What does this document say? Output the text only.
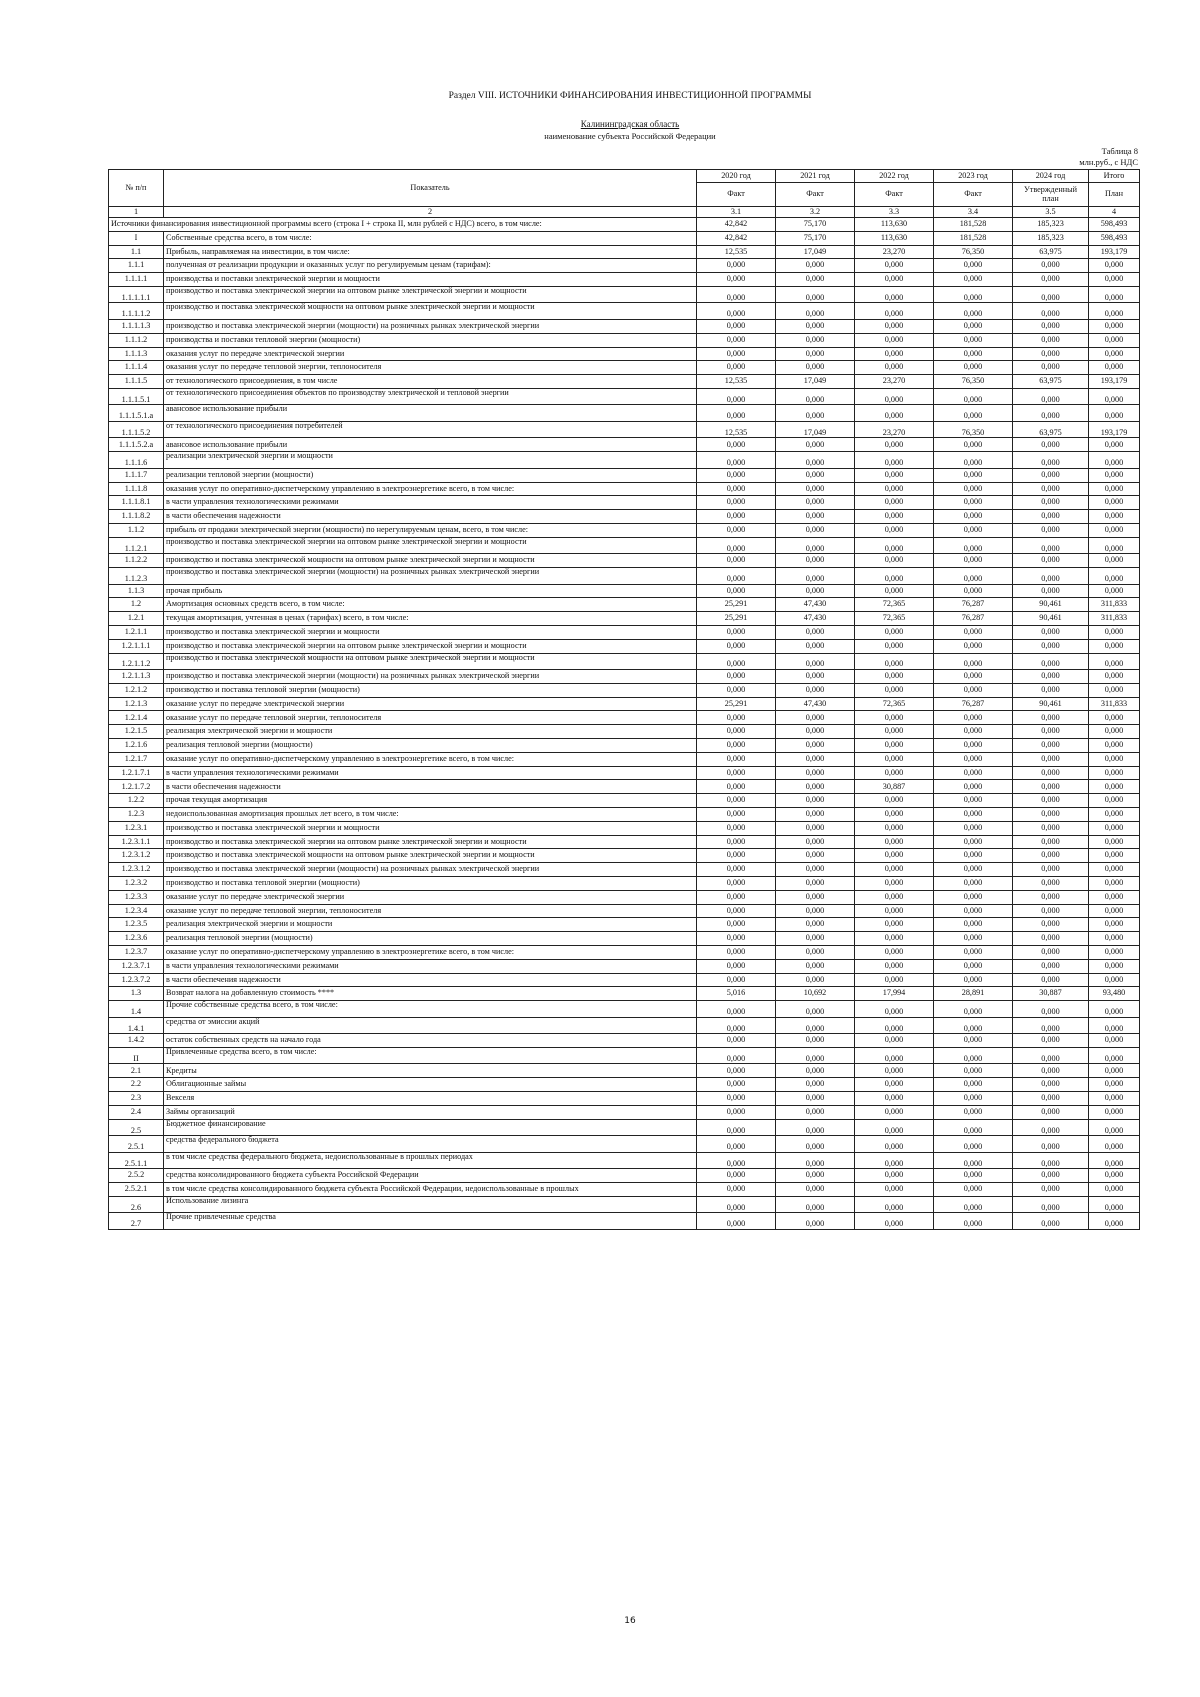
Раздел VIII. ИСТОЧНИКИ ФИНАНСИРОВАНИЯ ИНВЕСТИЦИОННОЙ ПРОГРАММЫ
Калининградская область
наименование субъекта Российской Федерации
Таблица 8
млн.руб., с НДС
№ п/п	Показатель	2020 год	2021 год	2022 год	2023 год	2024 год	Итого
		Факт	Факт	Факт	Факт	Утвержденный план	План
1	2	3.1	3.2	3.3	3.4	3.5	4
Источники финансирования инвестиционной программы всего (строка I + строка II, млн рублей с НДС) всего, в том числе:		42,842	75,170	113,630	181,528	185,323	598,493
I	Собственные средства всего, в том числе:	42,842	75,170	113,630	181,528	185,323	598,493
1.1	Прибыль, направляемая на инвестиции, в том числе:	12,535	17,049	23,270	76,350	63,975	193,179
1.1.1	полученная от реализации продукции и оказанных услуг по регулируемым ценам (тарифам):	0,000	0,000	0,000	0,000	0,000	0,000
1.1.1.1	производства и поставки электрической энергии и мощности	0,000	0,000	0,000	0,000	0,000	0,000
1.1.1.1.1	производство и поставка электрической энергии на оптовом рынке электрической энергии и мощности	0,000	0,000	0,000	0,000	0,000	0,000
1.1.1.1.2	производство и поставка электрической мощности на оптовом рынке электрической энергии и мощности	0,000	0,000	0,000	0,000	0,000	0,000
1.1.1.1.3	производство и поставка электрической энергии (мощности) на розничных рынках электрической энергии	0,000	0,000	0,000	0,000	0,000	0,000
1.1.1.2	производства и поставки тепловой энергии (мощности)	0,000	0,000	0,000	0,000	0,000	0,000
1.1.1.3	оказания услуг по передаче электрической энергии	0,000	0,000	0,000	0,000	0,000	0,000
1.1.1.4	оказания услуг по передаче тепловой энергии, теплоносителя	0,000	0,000	0,000	0,000	0,000	0,000
1.1.1.5	от технологического присоединения, в том числе	12,535	17,049	23,270	76,350	63,975	193,179
1.1.1.5.1	от технологического присоединения объектов по производству электрической и тепловой энергии	0,000	0,000	0,000	0,000	0,000	0,000
1.1.1.5.1.a	авансовое использование прибыли	0,000	0,000	0,000	0,000	0,000	0,000
1.1.1.5.2	от технологического присоединения потребителей	12,535	17,049	23,270	76,350	63,975	193,179
1.1.1.5.2.a	авансовое использование прибыли	0,000	0,000	0,000	0,000	0,000	0,000
1.1.1.6	реализации электрической энергии и мощности	0,000	0,000	0,000	0,000	0,000	0,000
1.1.1.7	реализации тепловой энергии (мощности)	0,000	0,000	0,000	0,000	0,000	0,000
1.1.1.8	оказания услуг по оперативно-диспетчерскому управлению в электроэнергетике всего, в том числе:	0,000	0,000	0,000	0,000	0,000	0,000
1.1.1.8.1	в части управления технологическими режимами	0,000	0,000	0,000	0,000	0,000	0,000
1.1.1.8.2	в части обеспечения надежности	0,000	0,000	0,000	0,000	0,000	0,000
1.1.2	прибыль от продажи электрической энергии (мощности) по нерегулируемым ценам, всего, в том числе:	0,000	0,000	0,000	0,000	0,000	0,000
1.1.2.1	производство и поставка электрической энергии на оптовом рынке электрической энергии и мощности	0,000	0,000	0,000	0,000	0,000	0,000
1.1.2.2	производство и поставка электрической мощности на оптовом рынке электрической энергии и мощности	0,000	0,000	0,000	0,000	0,000	0,000
1.1.2.3	производство и поставка электрической энергии (мощности) на розничных рынках электрической энергии	0,000	0,000	0,000	0,000	0,000	0,000
1.1.3	прочая прибыль	0,000	0,000	0,000	0,000	0,000	0,000
1.2	Амортизация основных средств всего, в том числе:	25,291	47,430	72,365	76,287	90,461	311,833
1.2.1	текущая амортизация, учтенная в ценах (тарифах) всего, в том числе:	25,291	47,430	72,365	76,287	90,461	311,833
1.2.1.1	производство и поставка электрической энергии и мощности	0,000	0,000	0,000	0,000	0,000	0,000
1.2.1.1.1	производство и поставка электрической энергии на оптовом рынке электрической энергии и мощности	0,000	0,000	0,000	0,000	0,000	0,000
1.2.1.1.2	производство и поставка электрической мощности на оптовом рынке электрической энергии и мощности	0,000	0,000	0,000	0,000	0,000	0,000
1.2.1.1.3	производство и поставка электрической энергии (мощности) на розничных рынках электрической энергии	0,000	0,000	0,000	0,000	0,000	0,000
1.2.1.2	производство и поставка тепловой энергии (мощности)	0,000	0,000	0,000	0,000	0,000	0,000
1.2.1.3	оказание услуг по передаче электрической энергии	25,291	47,430	72,365	76,287	90,461	311,833
1.2.1.4	оказание услуг по передаче тепловой энергии, теплоносителя	0,000	0,000	0,000	0,000	0,000	0,000
1.2.1.5	реализация электрической энергии и мощности	0,000	0,000	0,000	0,000	0,000	0,000
1.2.1.6	реализация тепловой энергии (мощности)	0,000	0,000	0,000	0,000	0,000	0,000
1.2.1.7	оказание услуг по оперативно-диспетчерскому управлению в электроэнергетике всего, в том числе:	0,000	0,000	0,000	0,000	0,000	0,000
1.2.1.7.1	в части управления технологическими режимами	0,000	0,000	0,000	0,000	0,000	0,000
1.2.1.7.2	в части обеспечения надежности	0,000	0,000	30,887	0,000	0,000	0,000
1.2.2	прочая текущая амортизация	0,000	0,000	0,000	0,000	0,000	0,000
1.2.3	недоиспользованная амортизация прошлых лет всего, в том числе:	0,000	0,000	0,000	0,000	0,000	0,000
1.2.3.1	производство и поставка электрической энергии и мощности	0,000	0,000	0,000	0,000	0,000	0,000
1.2.3.1.1	производство и поставка электрической энергии на оптовом рынке электрической энергии и мощности	0,000	0,000	0,000	0,000	0,000	0,000
1.2.3.1.2	производство и поставка электрической мощности на оптовом рынке электрической энергии и мощности	0,000	0,000	0,000	0,000	0,000	0,000
1.2.3.1.2	производство и поставка электрической энергии (мощности) на розничных рынках электрической энергии	0,000	0,000	0,000	0,000	0,000	0,000
1.2.3.2	производство и поставка тепловой энергии (мощности)	0,000	0,000	0,000	0,000	0,000	0,000
1.2.3.3	оказание услуг по передаче электрической энергии	0,000	0,000	0,000	0,000	0,000	0,000
1.2.3.4	оказание услуг по передаче тепловой энергии, теплоносителя	0,000	0,000	0,000	0,000	0,000	0,000
1.2.3.5	реализация электрической энергии и мощности	0,000	0,000	0,000	0,000	0,000	0,000
1.2.3.6	реализация тепловой энергии (мощности)	0,000	0,000	0,000	0,000	0,000	0,000
1.2.3.7	оказание услуг по оперативно-диспетчерскому управлению в электроэнергетике всего, в том числе:	0,000	0,000	0,000	0,000	0,000	0,000
1.2.3.7.1	в части управления технологическими режимами	0,000	0,000	0,000	0,000	0,000	0,000
1.2.3.7.2	в части обеспечения надежности	0,000	0,000	0,000	0,000	0,000	0,000
1.3	Возврат налога на добавленную стоимость ****	5,016	10,692	17,994	28,891	30,887	93,480
1.4	Прочие собственные средства всего, в том числе:	0,000	0,000	0,000	0,000	0,000	0,000
1.4.1	средства от эмиссии акций	0,000	0,000	0,000	0,000	0,000	0,000
1.4.2	остаток собственных средств на начало года	0,000	0,000	0,000	0,000	0,000	0,000
II	Привлеченные средства всего, в том числе:	0,000	0,000	0,000	0,000	0,000	0,000
2.1	Кредиты	0,000	0,000	0,000	0,000	0,000	0,000
2.2	Облигационные займы	0,000	0,000	0,000	0,000	0,000	0,000
2.3	Векселя	0,000	0,000	0,000	0,000	0,000	0,000
2.4	Займы организаций	0,000	0,000	0,000	0,000	0,000	0,000
2.5	Бюджетное финансирование	0,000	0,000	0,000	0,000	0,000	0,000
2.5.1	средства федерального бюджета	0,000	0,000	0,000	0,000	0,000	0,000
2.5.1.1	в том числе средства федерального бюджета, недоиспользованные в прошлых периодах	0,000	0,000	0,000	0,000	0,000	0,000
2.5.2	средства консолидированного бюджета субъекта Российской Федерации	0,000	0,000	0,000	0,000	0,000	0,000
2.5.2.1	в том числе средства консолидированного бюджета субъекта Российской Федерации, недоиспользованные в прошлых	0,000	0,000	0,000	0,000	0,000	0,000
2.6	Использование лизинга	0,000	0,000	0,000	0,000	0,000	0,000
2.7	Прочие привлеченные средства	0,000	0,000	0,000	0,000	0,000	0,000
16
